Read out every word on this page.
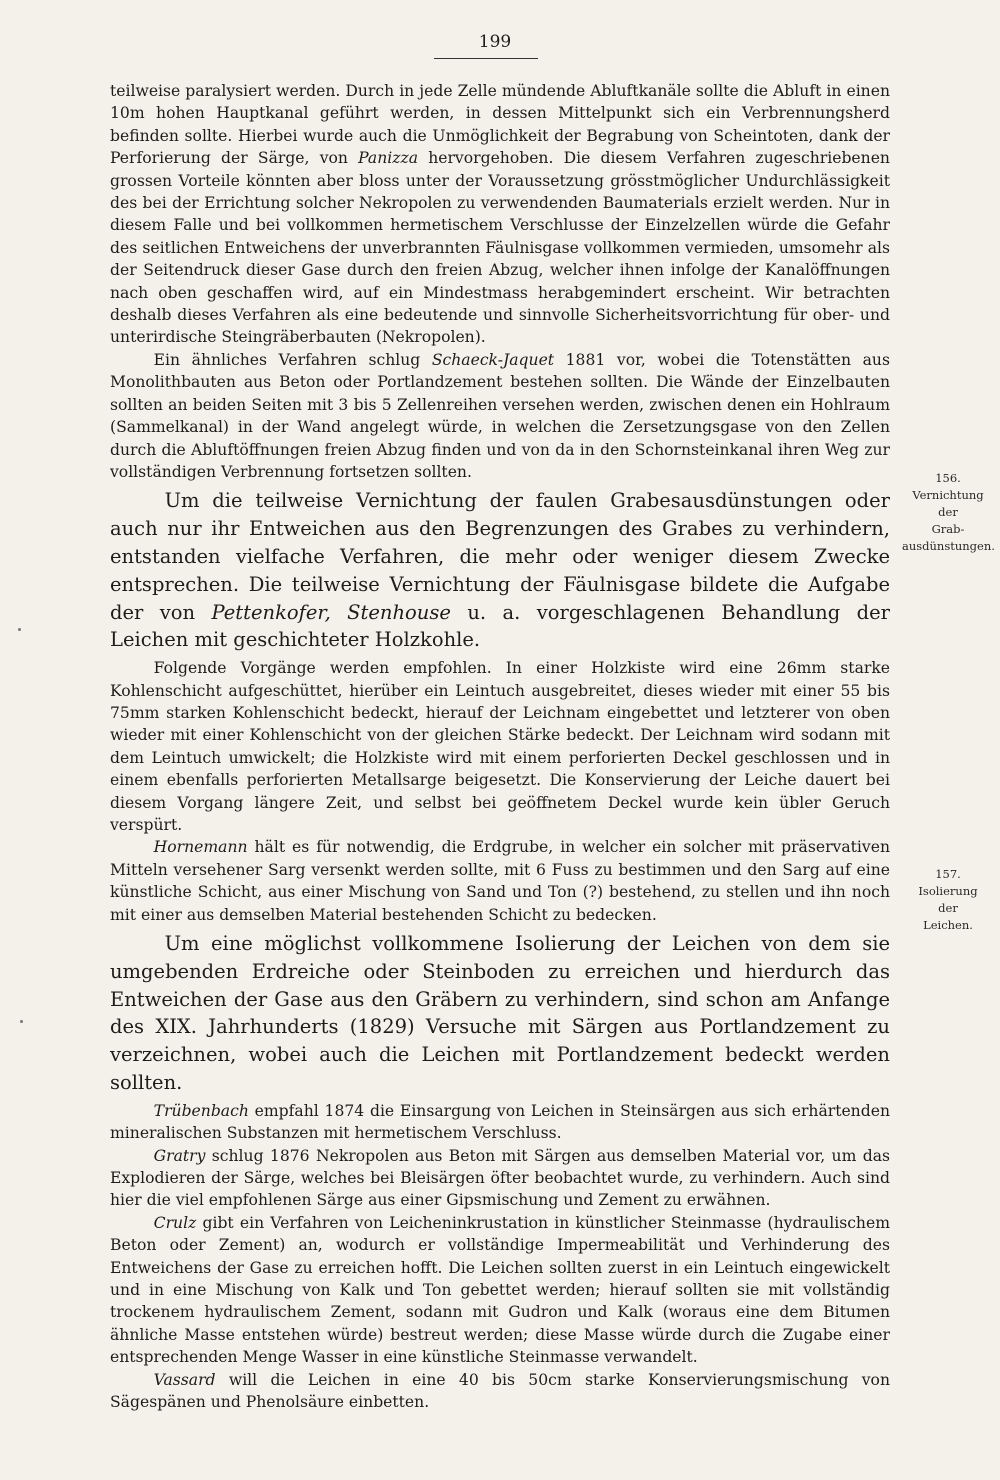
199

teilweise paralysiert werden. Durch in jede Zelle mündende Abluftkanäle sollte die Abluft in einen 10m hohen Hauptkanal geführt werden, in dessen Mittelpunkt sich ein Verbrennungsherd befinden sollte. Hierbei wurde auch die Unmöglichkeit der Begrabung von Scheintoten, dank der Perforierung der Särge, von Panizza hervorgehoben. Die diesem Verfahren zugeschriebenen grossen Vorteile könnten aber bloss unter der Voraussetzung grösstmöglicher Undurchlässigkeit des bei der Errichtung solcher Nekropolen zu verwendenden Baumaterials erzielt werden. Nur in diesem Falle und bei vollkommen hermetischem Verschlusse der Einzelzellen würde die Gefahr des seitlichen Entweichens der unverbrannten Fäulnisgase vollkommen vermieden, umsomehr als der Seitendruck dieser Gase durch den freien Abzug, welcher ihnen infolge der Kanalöffnungen nach oben geschaffen wird, auf ein Mindestmass herabgemindert erscheint. Wir betrachten deshalb dieses Verfahren als eine bedeutende und sinnvolle Sicherheitsvorrichtung für ober- und unterirdische Steingräberbauten (Nekropolen).

Ein ähnliches Verfahren schlug Schaeck-Jaquet 1881 vor, wobei die Totenstätten aus Monolithbauten aus Beton oder Portlandzement bestehen sollten. Die Wände der Einzelbauten sollten an beiden Seiten mit 3 bis 5 Zellenreihen versehen werden, zwischen denen ein Hohlraum (Sammelkanal) in der Wand angelegt würde, in welchen die Zersetzungsgase von den Zellen durch die Abluftöffnungen freien Abzug finden und von da in den Schornsteinkanal ihren Weg zur vollständigen Verbrennung fortsetzen sollten.

Um die teilweise Vernichtung der faulen Grabesausdünstungen oder auch nur ihr Entweichen aus den Begrenzungen des Grabes zu verhindern, entstanden vielfache Verfahren, die mehr oder weniger diesem Zwecke entsprechen. Die teilweise Vernichtung der Fäulnisgase bildete die Aufgabe der von Pettenkofer, Stenhouse u. a. vorgeschlagenen Behandlung der Leichen mit geschichteter Holzkohle.

Folgende Vorgänge werden empfohlen. In einer Holzkiste wird eine 26mm starke Kohlenschicht aufgeschüttet, hierüber ein Leintuch ausgebreitet, dieses wieder mit einer 55 bis 75mm starken Kohlenschicht bedeckt, hierauf der Leichnam eingebettet und letzterer von oben wieder mit einer Kohlenschicht von der gleichen Stärke bedeckt. Der Leichnam wird sodann mit dem Leintuch umwickelt; die Holzkiste wird mit einem perforierten Deckel geschlossen und in einem ebenfalls perforierten Metallsarge beigesetzt. Die Konservierung der Leiche dauert bei diesem Vorgang längere Zeit, und selbst bei geöffnetem Deckel wurde kein übler Geruch verspürt.

Hornemann hält es für notwendig, die Erdgrube, in welcher ein solcher mit präservativen Mitteln versehener Sarg versenkt werden sollte, mit 6 Fuss zu bestimmen und den Sarg auf eine künstliche Schicht, aus einer Mischung von Sand und Ton (?) bestehend, zu stellen und ihn noch mit einer aus demselben Material bestehenden Schicht zu bedecken.

Um eine möglichst vollkommene Isolierung der Leichen von dem sie umgebenden Erdreiche oder Steinboden zu erreichen und hierdurch das Entweichen der Gase aus den Gräbern zu verhindern, sind schon am Anfange des XIX. Jahrhunderts (1829) Versuche mit Särgen aus Portlandzement zu verzeichnen, wobei auch die Leichen mit Portlandzement bedeckt werden sollten.

Trübenbach empfahl 1874 die Einsargung von Leichen in Steinsärgen aus sich erhärtenden mineralischen Substanzen mit hermetischem Verschluss.

Gratry schlug 1876 Nekropolen aus Beton mit Särgen aus demselben Material vor, um das Explodieren der Särge, welches bei Bleisärgen öfter beobachtet wurde, zu verhindern. Auch sind hier die viel empfohlenen Särge aus einer Gipsmischung und Zement zu erwähnen.

Crulz gibt ein Verfahren von Leicheninkrustation in künstlicher Steinmasse (hydraulischem Beton oder Zement) an, wodurch er vollständige Impermeabilität und Verhinderung des Entweichens der Gase zu erreichen hofft. Die Leichen sollten zuerst in ein Leintuch eingewickelt und in eine Mischung von Kalk und Ton gebettet werden; hierauf sollten sie mit vollständig trockenem hydraulischem Zement, sodann mit Gudron und Kalk (woraus eine dem Bitumen ähnliche Masse entstehen würde) bestreut werden; diese Masse würde durch die Zugabe einer entsprechenden Menge Wasser in eine künstliche Steinmasse verwandelt.

Vassard will die Leichen in eine 40 bis 50cm starke Konservierungsmischung von Sägespänen und Phenolsäure einbetten.

156.
Vernichtung
der
Grab-
ausdünstungen.
157.
Isolierung
der
Leichen.
